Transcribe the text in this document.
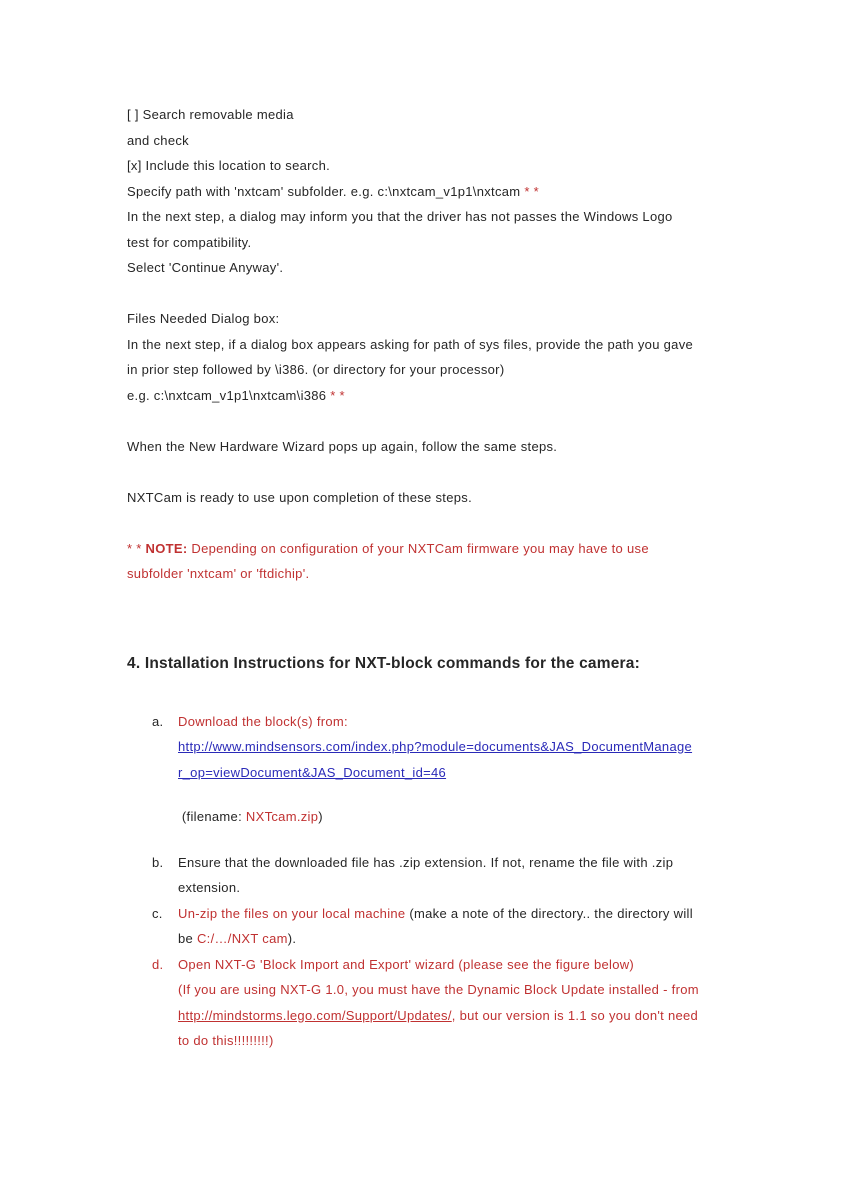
[ ] Search removable media
and check
[x] Include this location to search.
Specify path with 'nxtcam' subfolder. e.g. c:\nxtcam_v1p1\nxtcam * *
In the next step, a dialog may inform you that the driver has not passes the Windows Logo
test for compatibility.
Select 'Continue Anyway'.
Files Needed Dialog box:
In the next step, if a dialog box appears asking for path of sys files, provide the path you gave
in prior step followed by \i386. (or directory for your processor)
e.g. c:\nxtcam_v1p1\nxtcam\i386 * *
When the New Hardware Wizard pops up again, follow the same steps.
NXTCam is ready to use upon completion of these steps.
* * NOTE: Depending on configuration of your NXTCam firmware you may have to use
subfolder 'nxtcam' or 'ftdichip'.
4. Installation Instructions for NXT-block commands for the camera:
a.	Download the block(s) from:
http://www.mindsensors.com/index.php?module=documents&JAS_DocumentManage
r_op=viewDocument&JAS_Document_id=46
(filename: NXTcam.zip)
b.	Ensure that the downloaded file has .zip extension. If not, rename the file with .zip
extension.
c.	Un-zip the files on your local machine (make a note of the directory.. the directory will
be C:/…/NXT cam).
d.	Open NXT-G 'Block Import and Export' wizard (please see the figure below)
(If you are using NXT-G 1.0, you must have the Dynamic Block Update installed - from
http://mindstorms.lego.com/Support/Updates/, but our version is 1.1 so you don't need
to do this!!!!!!!!!)
